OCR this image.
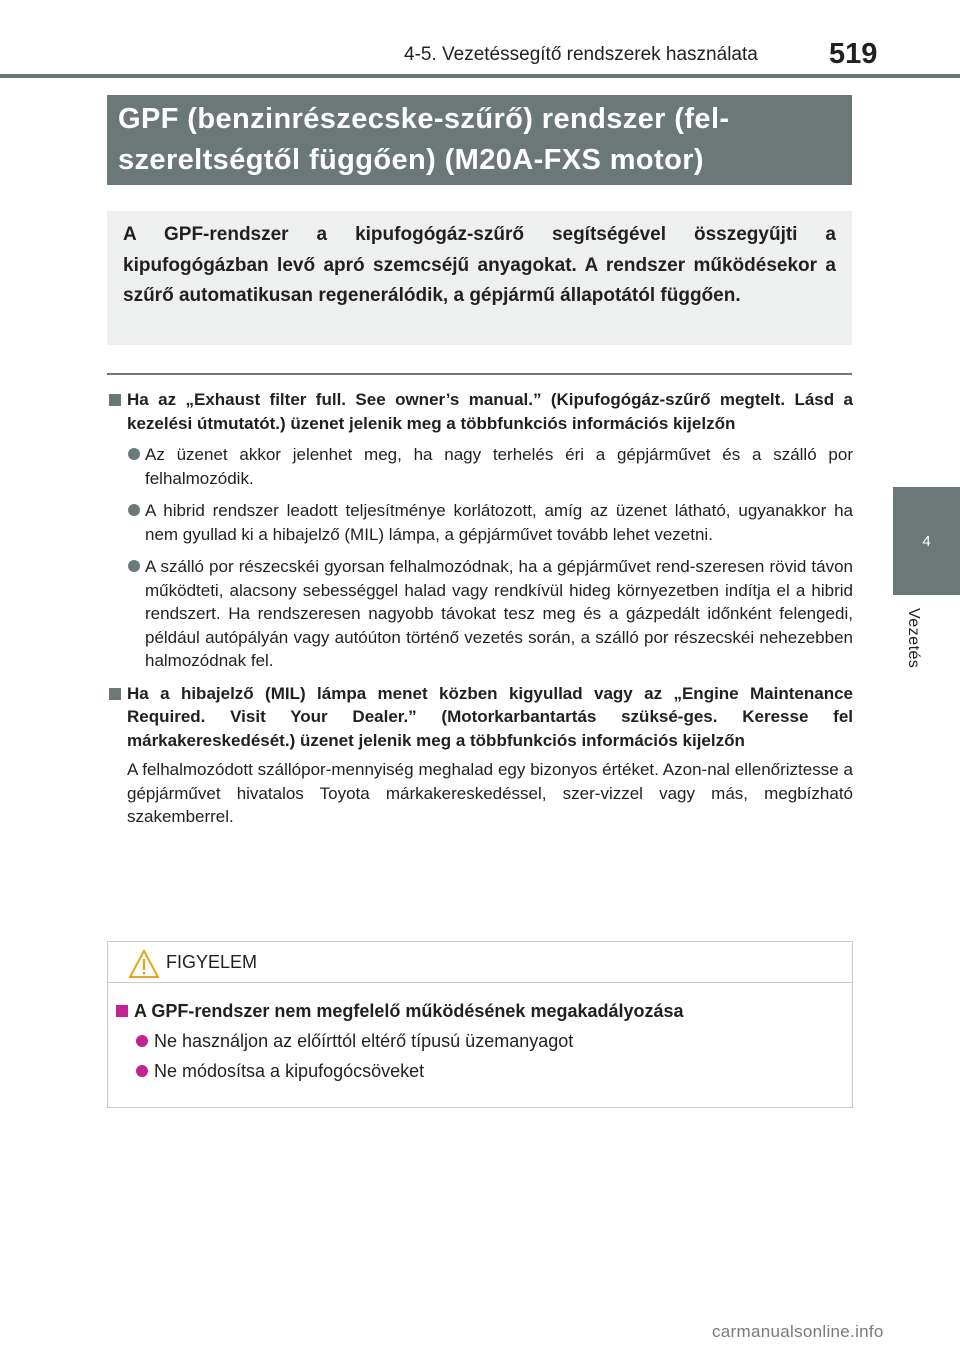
4-5. Vezetéssegítő rendszerek használata 519
4
Vezetés
GPF (benzinrészecske-szűrő) rendszer (fel-szereltségtől függően) (M20A-FXS motor)
A GPF-rendszer a kipufogógáz-szűrő segítségével összegyűjti a kipufogógázban levő apró szemcséjű anyagokat. A rendszer működésekor a szűrő automatikusan regenerálódik, a gépjármű állapotától függően.
Ha az „Exhaust filter full. See owner’s manual.” (Kipufogógáz-szűrő megtelt. Lásd a kezelési útmutatót.) üzenet jelenik meg a többfunkciós információs kijelzőn
Az üzenet akkor jelenhet meg, ha nagy terhelés éri a gépjárművet és a szálló por felhalmozódik.
A hibrid rendszer leadott teljesítménye korlátozott, amíg az üzenet látható, ugyanakkor ha nem gyullad ki a hibajelző (MIL) lámpa, a gépjárművet tovább lehet vezetni.
A szálló por részecskéi gyorsan felhalmozódnak, ha a gépjárművet rend-szeresen rövid távon működteti, alacsony sebességgel halad vagy rendkívül hideg környezetben indítja el a hibrid rendszert. Ha rendszeresen nagyobb távokat tesz meg és a gázpedált időnként felengedi, például autópályán vagy autóúton történő vezetés során, a szálló por részecskéi nehezebben halmozódnak fel.
Ha a hibajelző (MIL) lámpa menet közben kigyullad vagy az „Engine Maintenance Required. Visit Your Dealer.” (Motorkarbantartás szüksé-ges. Keresse fel márkakereskedését.) üzenet jelenik meg a többfunkciós információs kijelzőn
A felhalmozódott szállópor-mennyiség meghalad egy bizonyos értéket. Azon-nal ellenőriztesse a gépjárművet hivatalos Toyota márkakereskedéssel, szer-vizzel vagy más, megbízható szakemberrel.
FIGYELEM
A GPF-rendszer nem megfelelő működésének megakadályozása
Ne használjon az előírttól eltérő típusú üzemanyagot
Ne módosítsa a kipufogócsöveket
carmanualsonline.info
